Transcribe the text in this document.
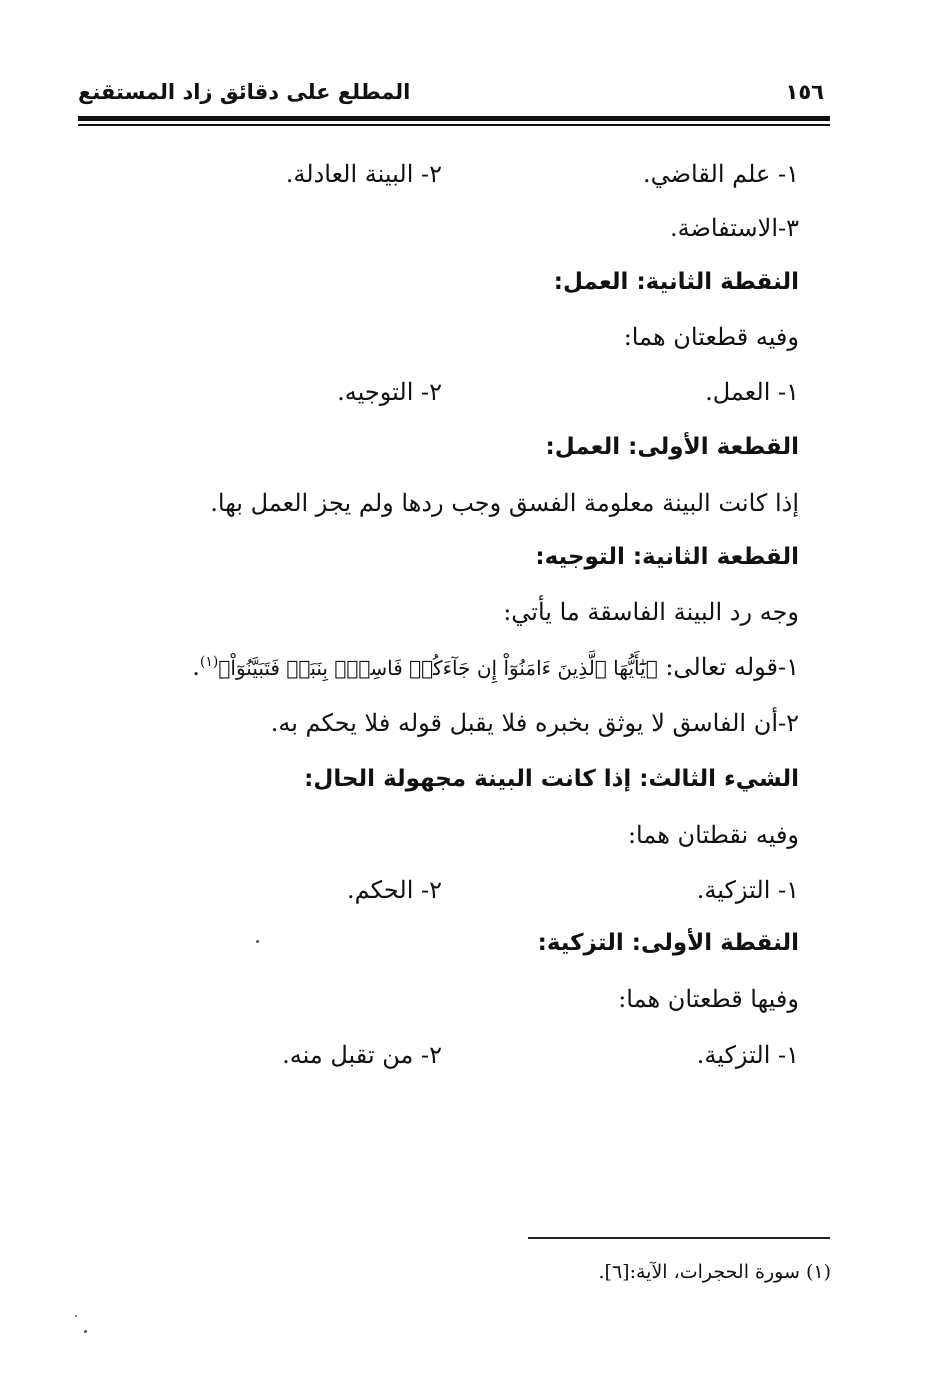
١٥٦
المطلع على دقائق زاد المستقنع
١- علم القاضي.
٢- البينة العادلة.
٣-الاستفاضة.
النقطة الثانية: العمل:
وفيه قطعتان هما:
١- العمل.
٢- التوجيه.
القطعة الأولى: العمل:
إذا كانت البينة معلومة الفسق وجب ردها ولم يجز العمل بها.
القطعة الثانية: التوجيه:
وجه رد البينة الفاسقة ما يأتي:
١-قوله تعالى: ﴿يَٰٓأَيُّهَا ٱلَّذِينَ ءَامَنُوٓاْ إِن جَآءَكُمۡ فَاسِقُۢ بِنَبَإٖ فَتَبَيَّنُوٓاْ﴾$^{(١)}$.
٢-أن الفاسق لا يوثق بخبره فلا يقبل قوله فلا يحكم به.
الشيء الثالث: إذا كانت البينة مجهولة الحال:
وفيه نقطتان هما:
١- التزكية.
٢- الحكم.
النقطة الأولى: التزكية:
وفيها قطعتان هما:
١- التزكية.
٢- من تقبل منه.
(١) سورة الحجرات، الآية:[٦].
